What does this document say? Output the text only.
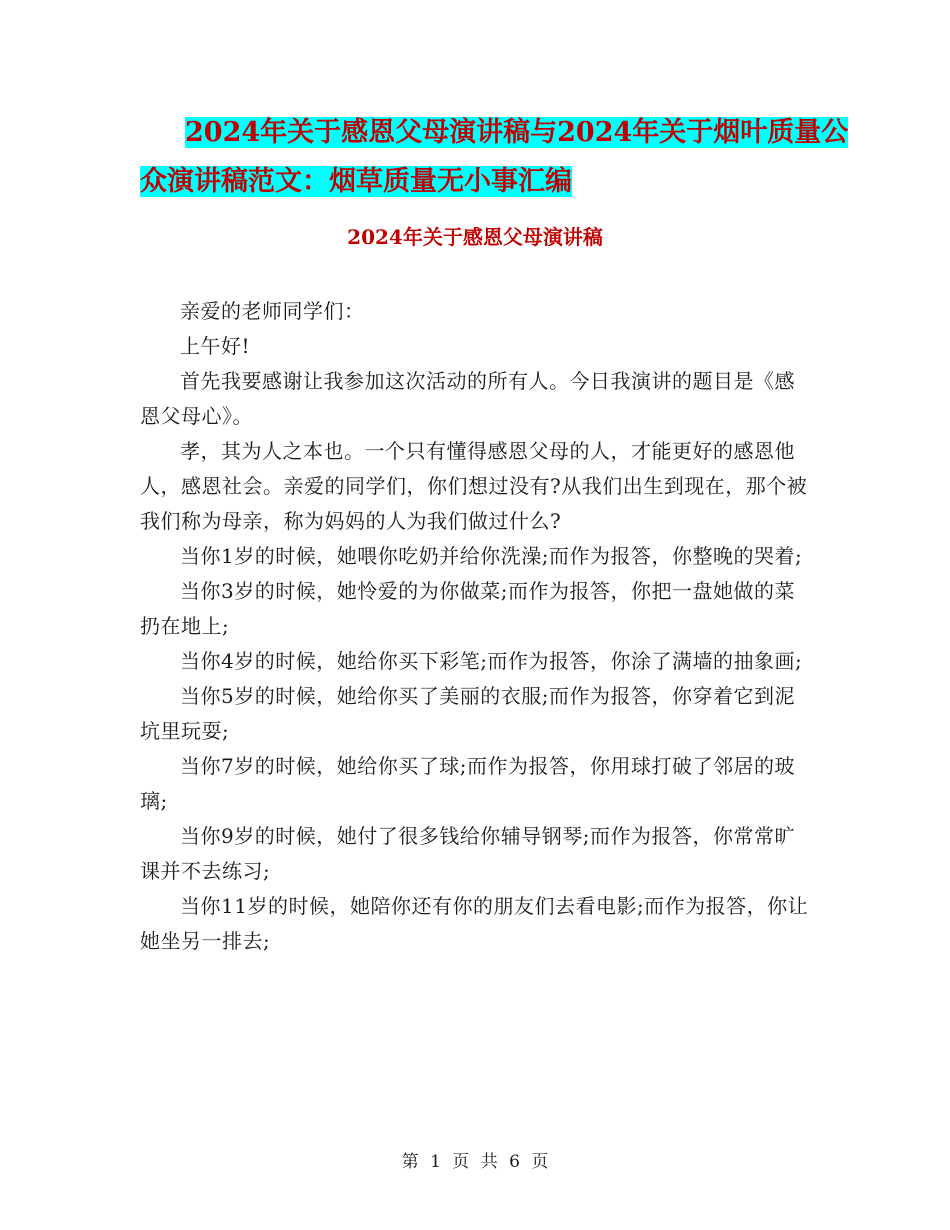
2024年关于感恩父母演讲稿与2024年关于烟叶质量公
众演讲稿范文：烟草质量无小事汇编
2024年关于感恩父母演讲稿

亲爱的老师同学们：

上午好!

首先我要感谢让我参加这次活动的所有人。今日我演讲的题目是《感恩父母心》。

孝，其为人之本也。一个只有懂得感恩父母的人，才能更好的感恩他人，感恩社会。亲爱的同学们，你们想过没有?从我们出生到现在，那个被我们称为母亲，称为妈妈的人为我们做过什么?

当你1岁的时候，她喂你吃奶并给你洗澡;而作为报答，你整晚的哭着;

当你3岁的时候，她怜爱的为你做菜;而作为报答，你把一盘她做的菜扔在地上;

当你4岁的时候，她给你买下彩笔;而作为报答，你涂了满墙的抽象画;

当你5岁的时候，她给你买了美丽的衣服;而作为报答，你穿着它到泥坑里玩耍;

当你7岁的时候，她给你买了球;而作为报答，你用球打破了邻居的玻璃;

当你9岁的时候，她付了很多钱给你辅导钢琴;而作为报答，你常常旷课并不去练习;

当你11岁的时候，她陪你还有你的朋友们去看电影;而作为报答，你让她坐另一排去;

第 1 页 共 6 页
